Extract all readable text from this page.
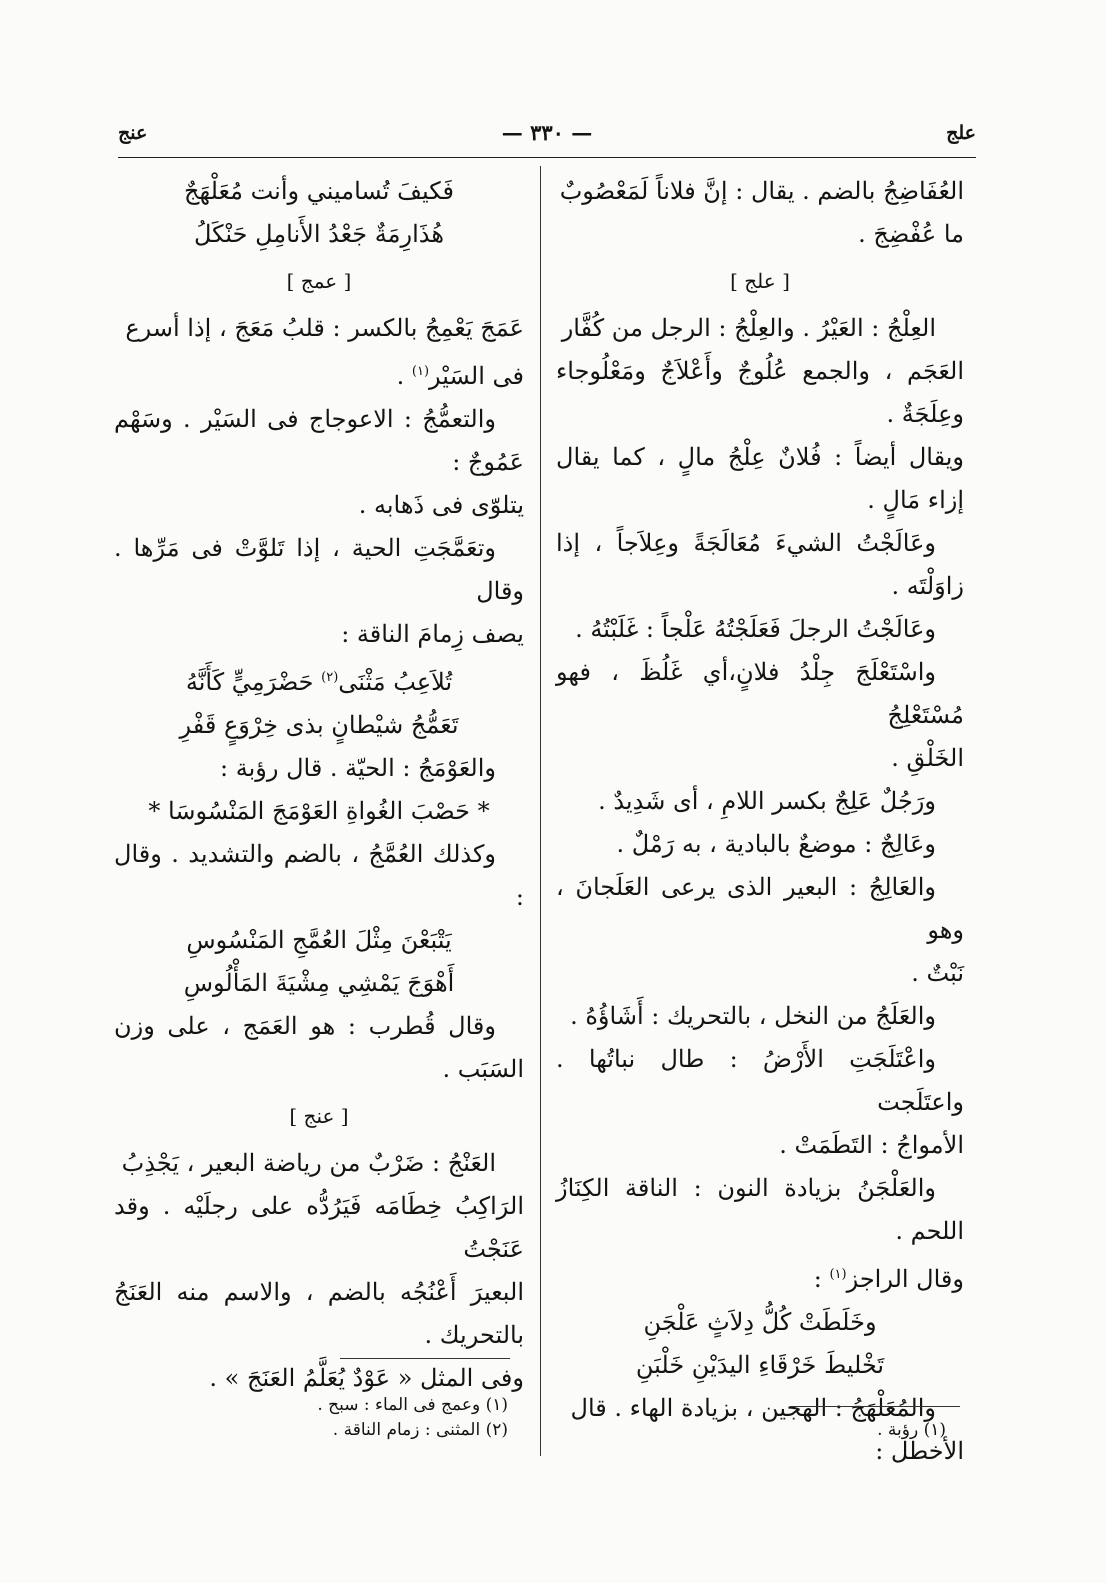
علج
— ٣٣٠ —
عنج

العُفَاضِجُ بالضم . يقال : إنَّ فلاناً لَمَعْصُوبٌ

ما عُفْضِجَ .

[ علج ]

العِلْجُ : العَيْرُ . والعِلْجُ : الرجل من كُفَّار

العَجَم ، والجمع عُلُوجٌ وأَعْلاَجٌ ومَعْلُوجاء وعِلَجَةٌ .

ويقال أيضاً : فُلانٌ عِلْجُ مالٍ ، كما يقال إزاء مَالٍ .

وعَالَجْتُ الشيءَ مُعَالَجَةً وعِلاَجاً ، إذا زاوَلْتَه .

وعَالَجْتُ الرجلَ فَعَلَجْتُهُ عَلْجاً : غَلَبْتُهُ .

واسْتَعْلَجَ جِلْدُ فلانٍ،أي غَلُظَ ، فهو مُسْتَعْلِجُ

الخَلْقِ .

ورَجُلٌ عَلِجٌ بكسر اللامِ ، أى شَدِيدٌ .

وعَالِجٌ : موضعٌ بالبادية ، به رَمْلٌ .

والعَالِجُ : البعير الذى يرعى العَلَجانَ ، وهو

نَبْتٌ .

والعَلَجُ من النخل ، بالتحريك : أَشَاؤُهُ .

واعْتَلَجَتِ الأَرْضُ : طال نباتُها . واعتَلَجت

الأمواجُ : التَطَمَتْ .

والعَلْجَنُ بزيادة النون : الناقة الكِنَازُ اللحم .

وقال الراجز$^{(١)}$ :

وخَلَطَتْ كُلُّ دِلاَثٍ عَلْجَنِ

تَخْليطَ خَرْقَاءِ اليدَيْنِ خَلْبَنِ

والمُعَلْهَجُ : الهجين ، بزيادة الهاء . قال

الأخطل :

فَكيفَ تُساميني وأنت مُعَلْهَجٌ

هُذَارِمَةٌ جَعْدُ الأَنامِلِ حَنْكَلُ

[ عمج ]

عَمَجَ يَعْمِجُ بالكسر : قلبُ مَعَجَ ، إذا أسرع

فى السَيْر$^{(١)}$ .

والتعمُّجُ : الاعوجاج فى السَيْر . وسَهْم عَمُوجٌ :

يتلوّى فى ذَهابه .

وتعَمَّجَتِ الحية ، إذا تَلوَّتْ فى مَرِّها . وقال

يصف زِمامَ الناقة :

تُلاَعِبُ مَثْنَى$^{(٢)}$ حَضْرَمِيٍّ كَأَنَّهُ

تَعَمُّجُ شيْطانٍ بذى خِرْوَعٍ قَفْرِ

والعَوْمَجُ : الحيّة . قال رؤبة :

* حَصْبَ الغُواةِ العَوْمَجَ المَنْسُوسَا *

وكذلك العُمَّجُ ، بالضم والتشديد . وقال :

يَتْبَعْنَ مِثْلَ العُمَّجِ المَنْسُوسِ

أَهْوَجَ يَمْشِي مِشْيَةَ المَأْلُوسِ

وقال قُطرب : هو العَمَج ، على وزن السَبَب .

[ عنج ]

العَنْجُ : ضَرْبٌ من رياضة البعير ، يَجْذِبُ

الرَاكِبُ خِطَامَه فَيَرُدُّه على رجلَيْه . وقد عَنَجْتُ

البعيرَ أَعْنُجُه بالضم ، والاسم منه العَنَجُ بالتحريك .

وفى المثل « عَوْدٌ يُعَلَّمُ العَنَجَ » .

(١) رؤبة .
(١) وعمج فى الماء : سبح .
(٢) المثنى : زمام الناقة .
